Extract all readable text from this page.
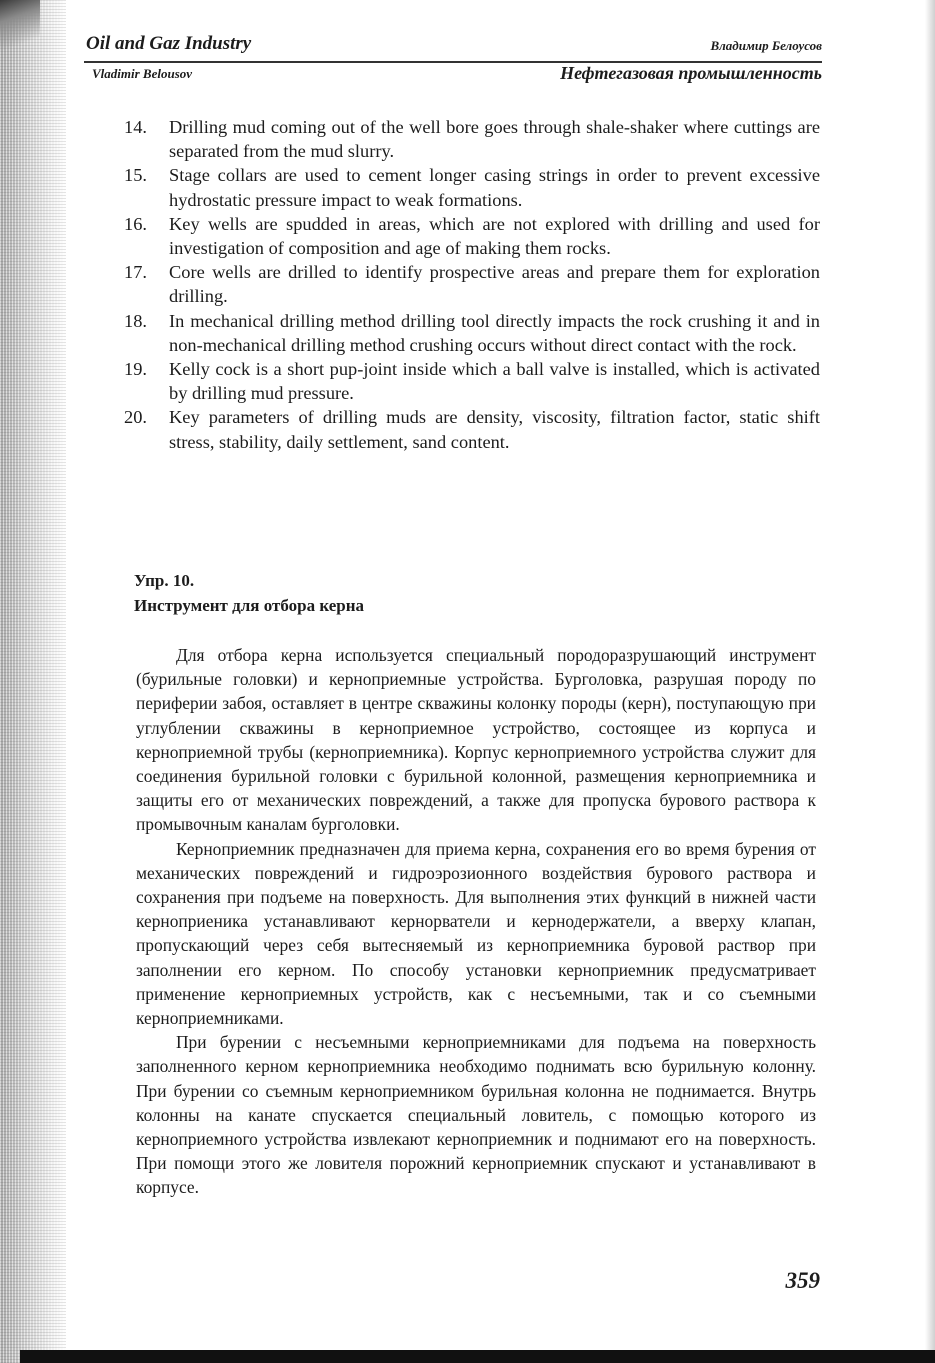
Oil and Gaz Industry	Владимир Белоусов
Vladimir Belousov	Нефтегазовая промышленность
14.	Drilling mud coming out of the well bore goes through shale-shaker where cuttings are separated from the mud slurry.
15.	Stage collars are used to cement longer casing strings in order to prevent excessive hydrostatic pressure impact to weak formations.
16.	Key wells are spudded in areas, which are not explored with drilling and used for investigation of composition and age of making them rocks.
17.	Core wells are drilled to identify prospective areas and prepare them for exploration drilling.
18.	In mechanical drilling method drilling tool directly impacts the rock crushing it and in non-mechanical drilling method crushing occurs without direct contact with the rock.
19.	Kelly cock is a short pup-joint inside which a ball valve is installed, which is activated by drilling mud pressure.
20.	Key parameters of drilling muds are density, viscosity, filtration factor, static shift stress, stability, daily settlement, sand content.
Упр. 10.
Инструмент для отбора керна

Для отбора керна используется специальный породоразрушающий инструмент (бурильные головки) и керноприемные устройства. Бурголовка, разрушая породу по периферии забоя, оставляет в центре скважины колонку породы (керн), поступающую при углублении скважины в керноприемное устройство, состоящее из корпуса и керноприемной трубы (керноприемника). Корпус керноприемного устройства служит для соединения бурильной головки с бурильной колонной, размещения керноприемника и защиты его от механических повреждений, а также для пропуска бурового раствора к промывочным каналам бурголовки.

Керноприемник предназначен для приема керна, сохранения его во время бурения от механических повреждений и гидроэрозионного воздействия бурового раствора и сохранения при подъеме на поверхность. Для выполнения этих функций в нижней части керноприеника устанавливают кернорватели и кернодержатели, а вверху клапан, пропускающий через себя вытесняемый из керноприемника буровой раствор при заполнении его керном. По способу установки керноприемник предусматривает применение керноприемных устройств, как с несъемными, так и со съемными керноприемниками.

При бурении с несъемными керноприемниками для подъема на поверхность заполненного керном керноприемника необходимо поднимать всю бурильную колонну. При бурении со съемным керноприемником бурильная колонна не поднимается. Внутрь колонны на канате спускается специальный ловитель, с помощью которого из керноприемного устройства извлекают керноприемник и поднимают его на поверхность. При помощи этого же ловителя порожний керноприемник спускают и устанавливают в корпусе.

359
